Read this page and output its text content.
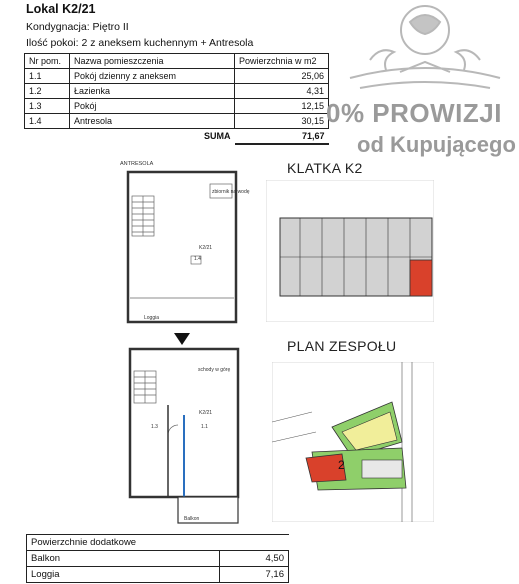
Lokal K2/21
Kondygnacja: Piętro II
Ilość pokoi: 2 z aneksem kuchennym + Antresola
Nr pom.	Nazwa pomieszczenia	Powierzchnia w m2
1.1	Pokój dzienny z aneksem	25,06
1.2	Łazienka	4,31
1.3	Pokój	12,15
1.4	Antresola	30,15
	SUMA	71,67
0% PROWIZJI
od Kupującego
ANTRESOLA
zbiornik na wodę
K2/21
1.4
Loggia
schody w górę
K2/21
1.3	1.1
Balkon
KLATKA K2
PLAN ZESPOŁU
2
Powierzchnie dodatkowe	
Balkon	4,50
Loggia	7,16
